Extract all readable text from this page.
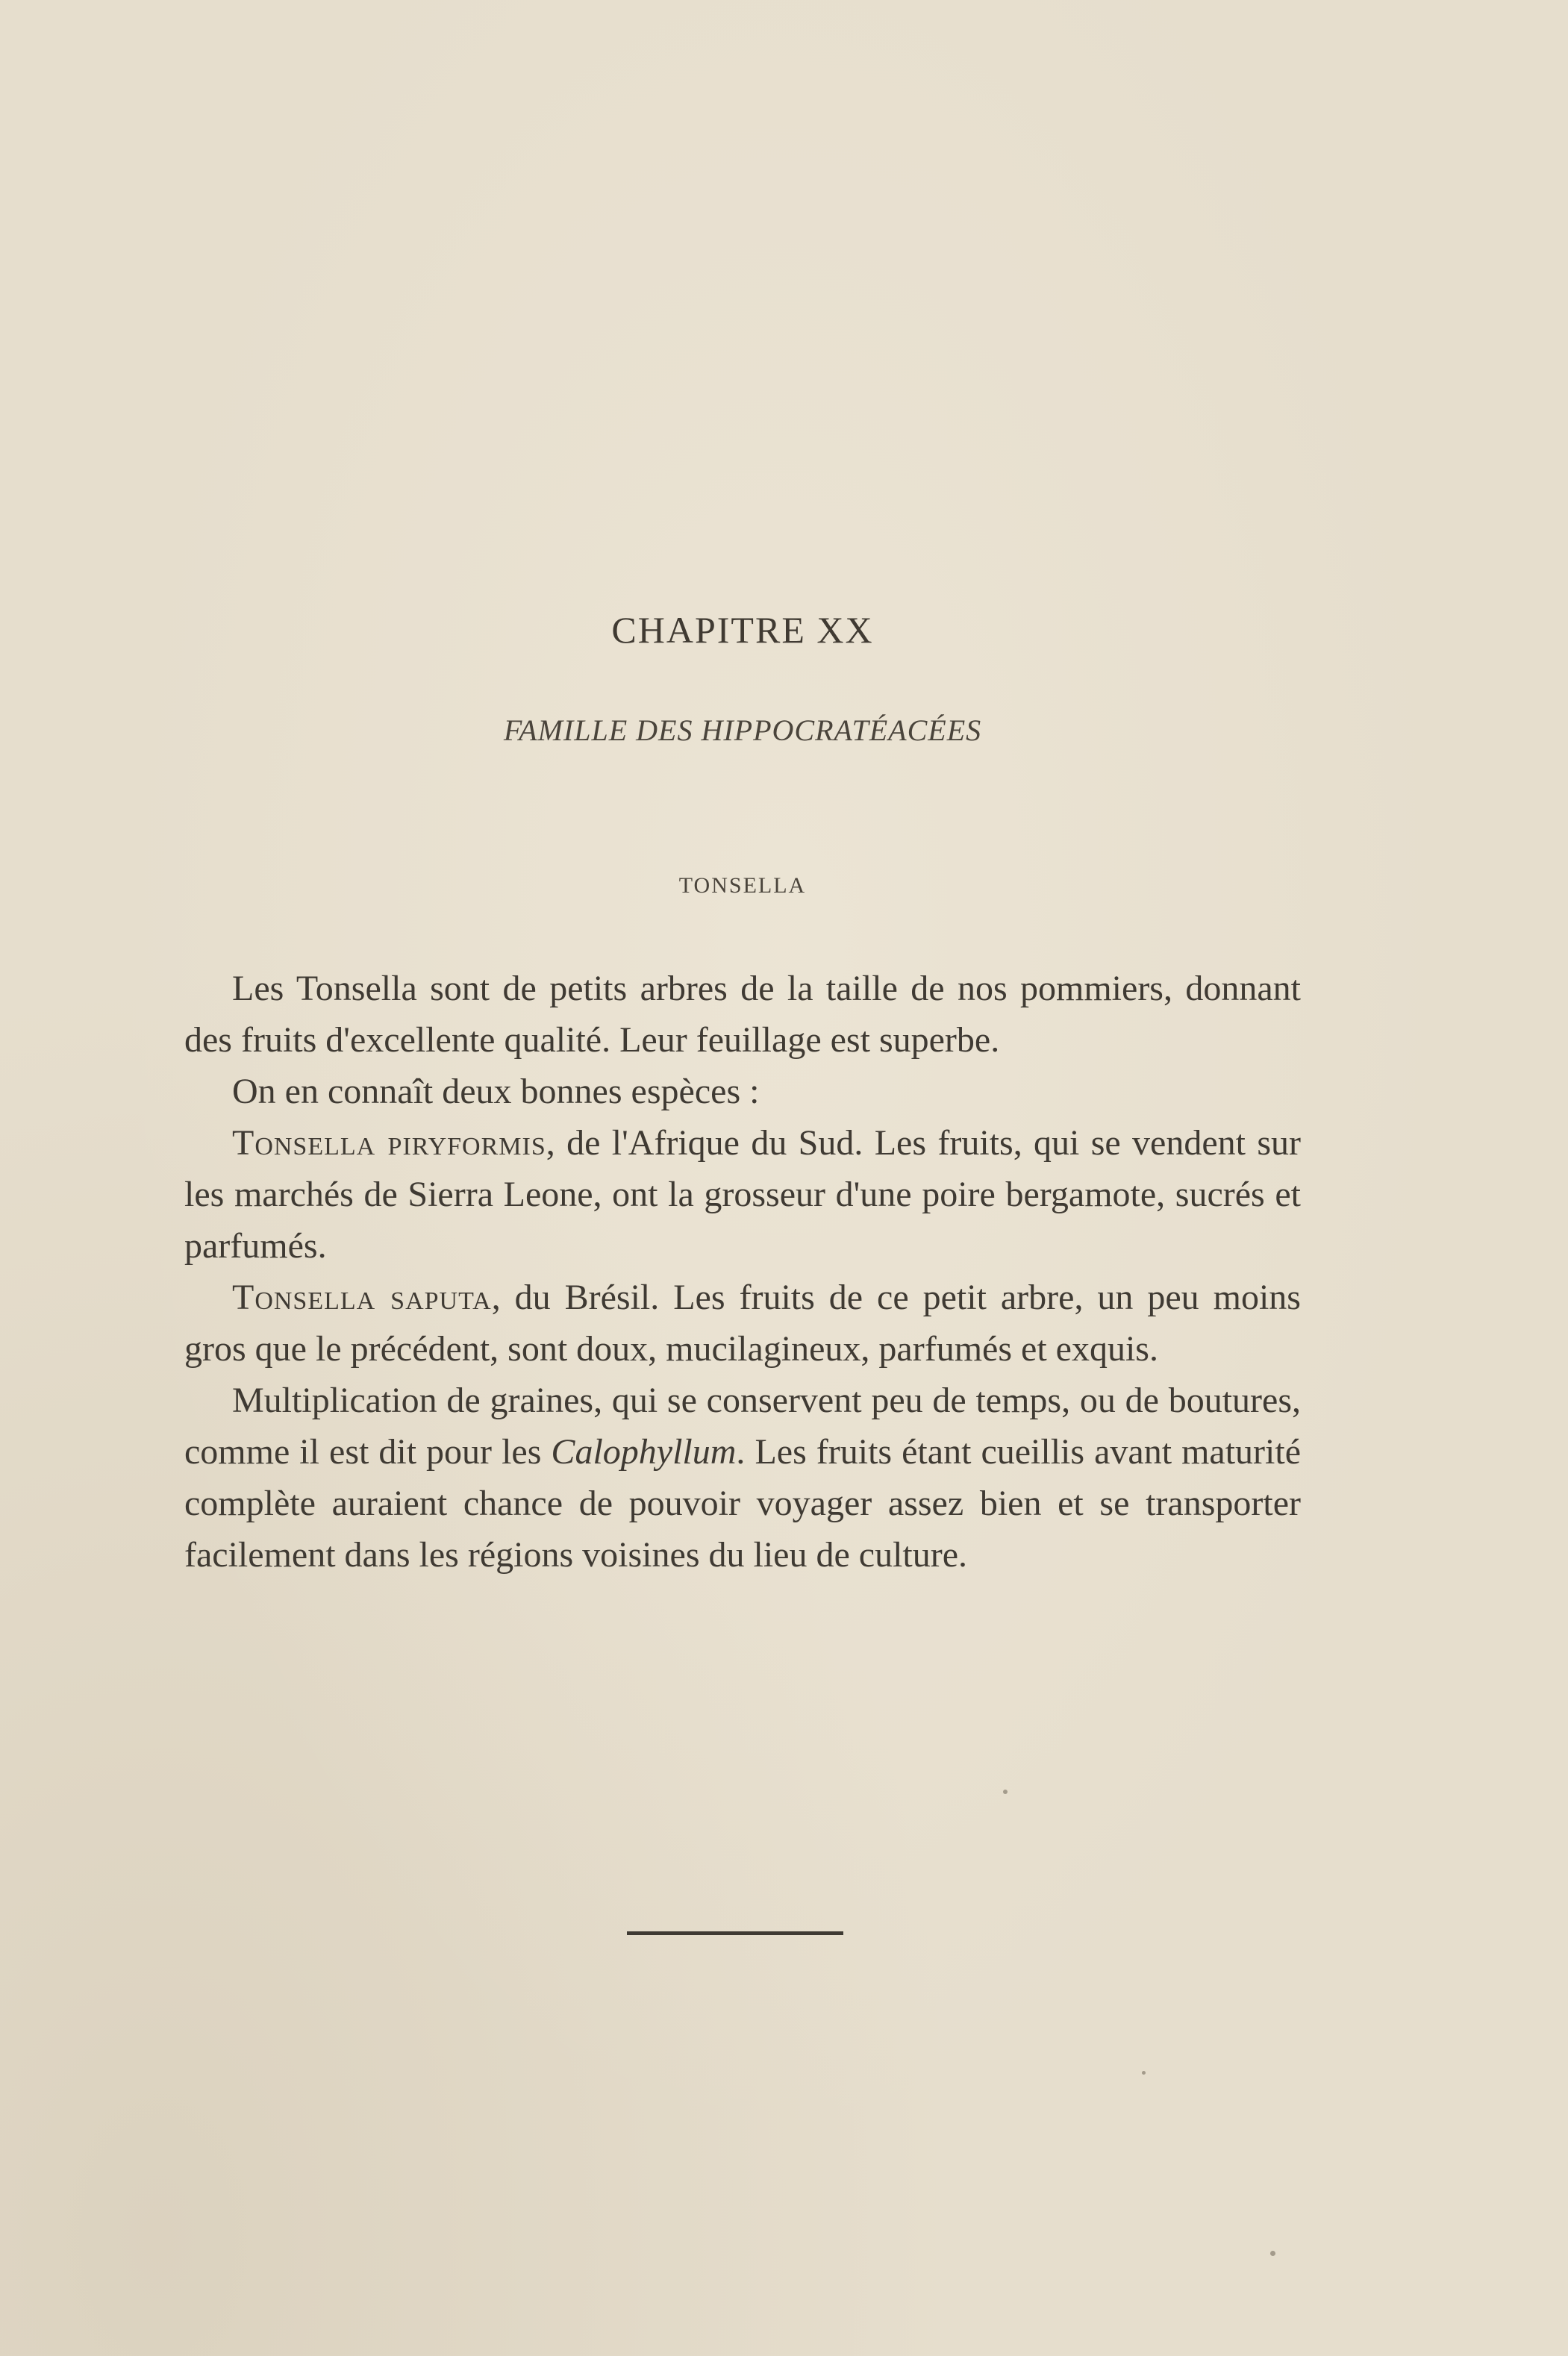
CHAPITRE XX
FAMILLE DES HIPPOCRATÉACÉES
TONSELLA

Les Tonsella sont de petits arbres de la taille de nos pommiers, donnant des fruits d'excellente qualité. Leur feuillage est superbe.

On en connaît deux bonnes espèces :

Tonsella piryformis, de l'Afrique du Sud. Les fruits, qui se vendent sur les marchés de Sierra Leone, ont la grosseur d'une poire bergamote, sucrés et parfumés.

Tonsella saputa, du Brésil. Les fruits de ce petit arbre, un peu moins gros que le précédent, sont doux, mucilagineux, parfumés et exquis.

Multiplication de graines, qui se conservent peu de temps, ou de boutures, comme il est dit pour les Calophyllum. Les fruits étant cueillis avant maturité complète auraient chance de pouvoir voyager assez bien et se transporter facilement dans les régions voisines du lieu de culture.
